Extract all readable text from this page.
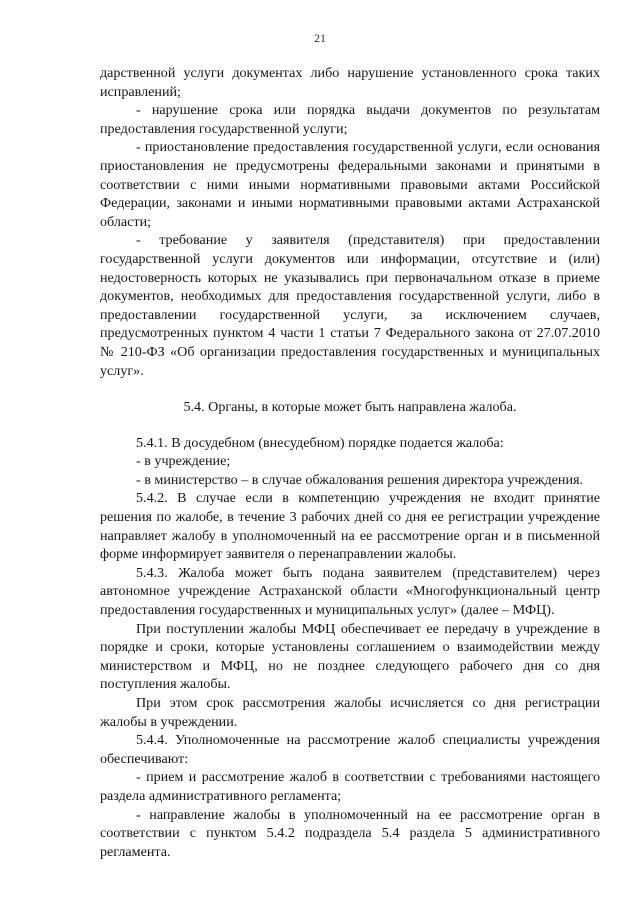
21

дарственной услуги документах либо нарушение установленного срока таких исправлений;

- нарушение срока или порядка выдачи документов по результатам предоставления государственной услуги;

- приостановление предоставления государственной услуги, если основания приостановления не предусмотрены федеральными законами и принятыми в соответствии с ними иными нормативными правовыми актами Российской Федерации, законами и иными нормативными правовыми актами Астраханской области;

- требование у заявителя (представителя) при предоставлении государственной услуги документов или информации, отсутствие и (или) недостоверность которых не указывались при первоначальном отказе в приеме документов, необходимых для предоставления государственной услуги, либо в предоставлении государственной услуги, за исключением случаев, предусмотренных пунктом 4 части 1 статьи 7 Федерального закона от 27.07.2010 № 210-ФЗ «Об организации предоставления государственных и муниципальных услуг».

5.4. Органы, в которые может быть направлена жалоба.

5.4.1. В досудебном (внесудебном) порядке подается жалоба:

- в учреждение;

- в министерство – в случае обжалования решения директора учреждения.

5.4.2. В случае если в компетенцию учреждения не входит принятие решения по жалобе, в течение 3 рабочих дней со дня ее регистрации учреждение направляет жалобу в уполномоченный на ее рассмотрение орган и в письменной форме информирует заявителя о перенаправлении жалобы.

5.4.3. Жалоба может быть подана заявителем (представителем) через автономное учреждение Астраханской области «Многофункциональный центр предоставления государственных и муниципальных услуг» (далее – МФЦ).

При поступлении жалобы МФЦ обеспечивает ее передачу в учреждение в порядке и сроки, которые установлены соглашением о взаимодействии между министерством и МФЦ, но не позднее следующего рабочего дня со дня поступления жалобы.

При этом срок рассмотрения жалобы исчисляется со дня регистрации жалобы в учреждении.

5.4.4. Уполномоченные на рассмотрение жалоб специалисты учреждения обеспечивают:

- прием и рассмотрение жалоб в соответствии с требованиями настоящего раздела административного регламента;

- направление жалобы в уполномоченный на ее рассмотрение орган в соответствии с пунктом 5.4.2 подраздела 5.4 раздела 5 административного регламента.
